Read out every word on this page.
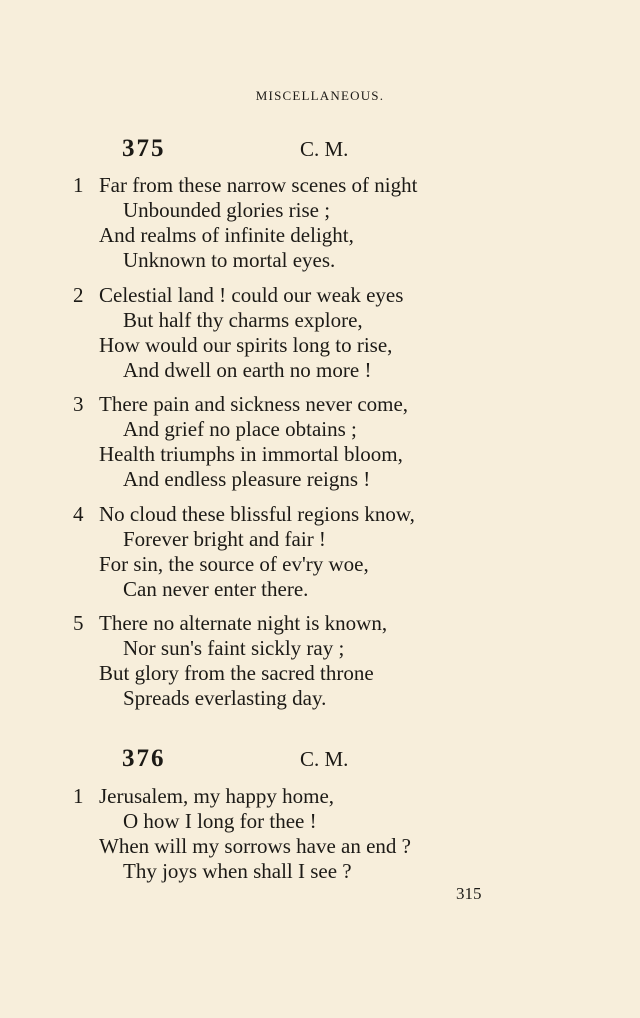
MISCELLANEOUS.
375	C. M.
1 Far from these narrow scenes of night
Unbounded glories rise ;
And realms of infinite delight,
Unknown to mortal eyes.
2 Celestial land ! could our weak eyes
But half thy charms explore,
How would our spirits long to rise,
And dwell on earth no more !
3 There pain and sickness never come,
And grief no place obtains ;
Health triumphs in immortal bloom,
And endless pleasure reigns !
4 No cloud these blissful regions know,
Forever bright and fair !
For sin, the source of ev'ry woe,
Can never enter there.
5 There no alternate night is known,
Nor sun's faint sickly ray ;
But glory from the sacred throne
Spreads everlasting day.
376	C. M.
1 Jerusalem, my happy home,
O how I long for thee !
When will my sorrows have an end ?
Thy joys when shall I see ?
315
